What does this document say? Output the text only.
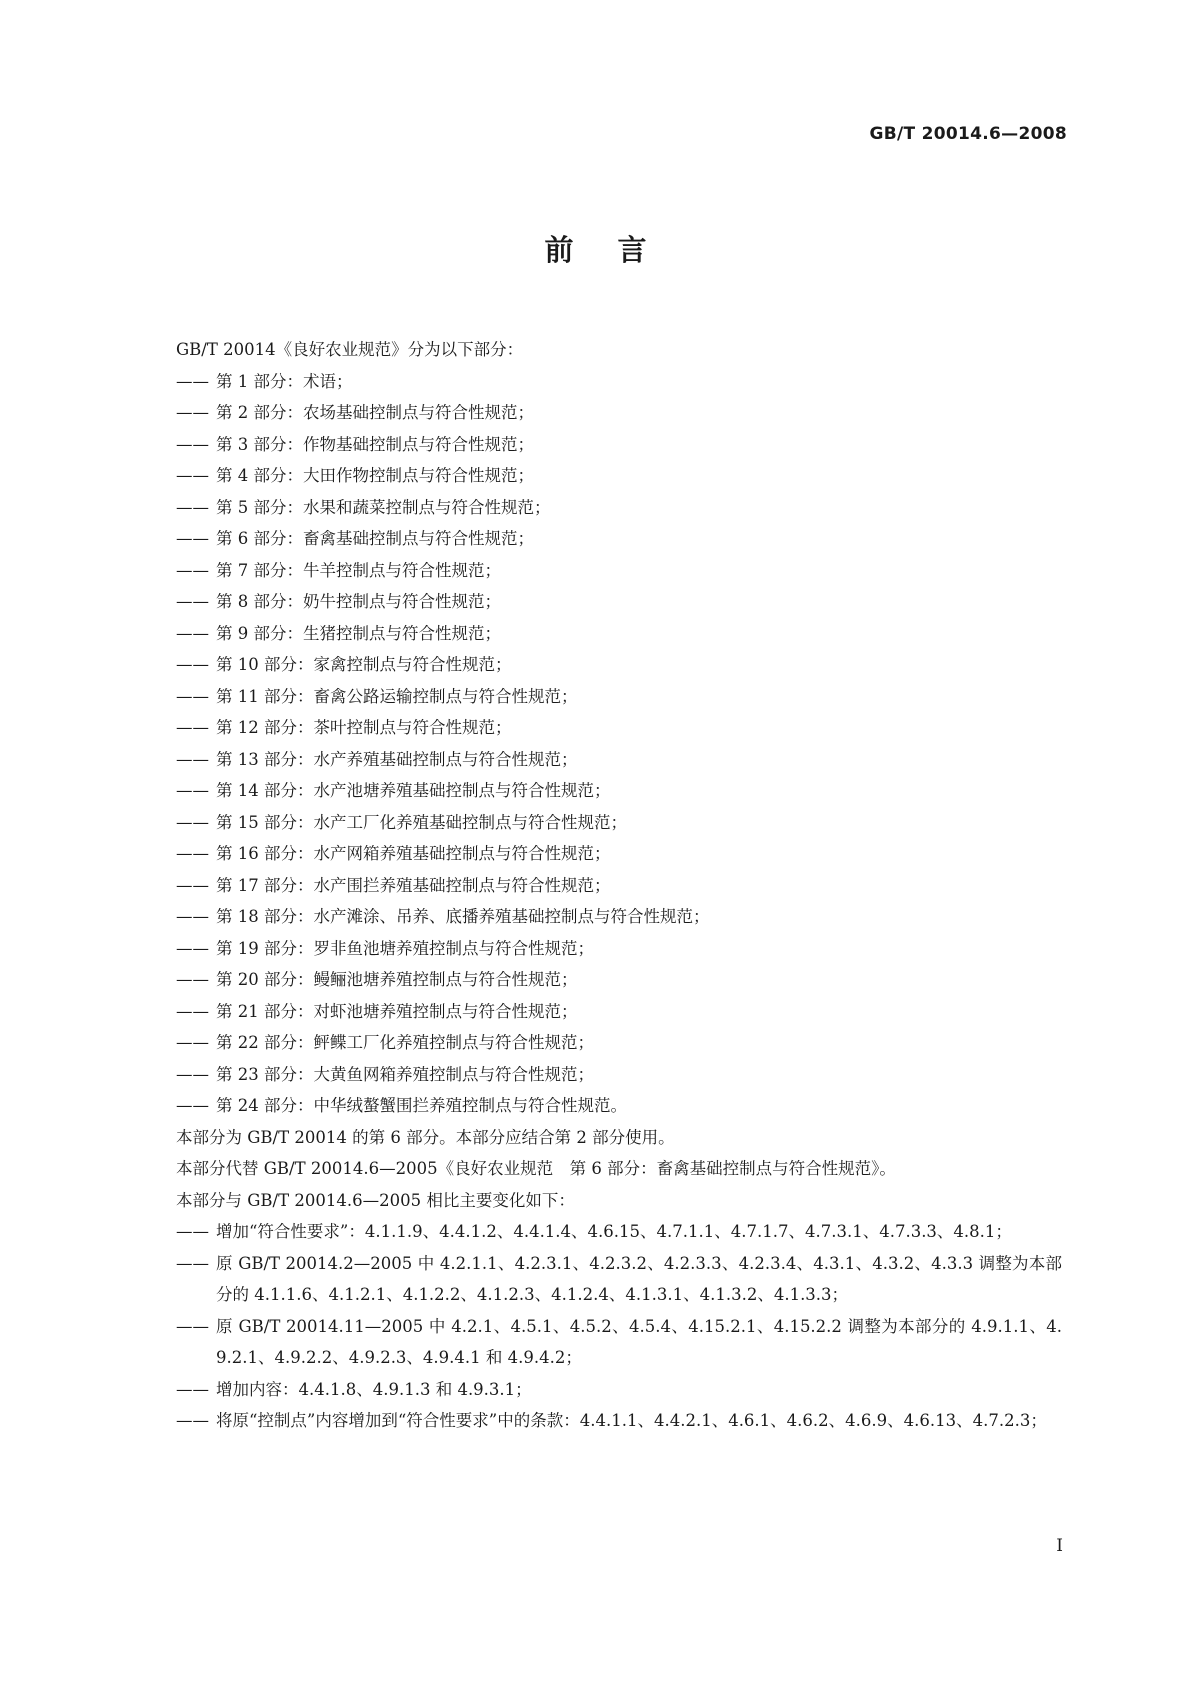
GB/T 20014.6—2008
前言
GB/T 20014《良好农业规范》分为以下部分：
—— 第 1 部分：术语；
—— 第 2 部分：农场基础控制点与符合性规范；
—— 第 3 部分：作物基础控制点与符合性规范；
—— 第 4 部分：大田作物控制点与符合性规范；
—— 第 5 部分：水果和蔬菜控制点与符合性规范；
—— 第 6 部分：畜禽基础控制点与符合性规范；
—— 第 7 部分：牛羊控制点与符合性规范；
—— 第 8 部分：奶牛控制点与符合性规范；
—— 第 9 部分：生猪控制点与符合性规范；
—— 第 10 部分：家禽控制点与符合性规范；
—— 第 11 部分：畜禽公路运输控制点与符合性规范；
—— 第 12 部分：茶叶控制点与符合性规范；
—— 第 13 部分：水产养殖基础控制点与符合性规范；
—— 第 14 部分：水产池塘养殖基础控制点与符合性规范；
—— 第 15 部分：水产工厂化养殖基础控制点与符合性规范；
—— 第 16 部分：水产网箱养殖基础控制点与符合性规范；
—— 第 17 部分：水产围拦养殖基础控制点与符合性规范；
—— 第 18 部分：水产滩涂、吊养、底播养殖基础控制点与符合性规范；
—— 第 19 部分：罗非鱼池塘养殖控制点与符合性规范；
—— 第 20 部分：鳗鲡池塘养殖控制点与符合性规范；
—— 第 21 部分：对虾池塘养殖控制点与符合性规范；
—— 第 22 部分：鲆鲽工厂化养殖控制点与符合性规范；
—— 第 23 部分：大黄鱼网箱养殖控制点与符合性规范；
—— 第 24 部分：中华绒螯蟹围拦养殖控制点与符合性规范。
本部分为 GB/T 20014 的第 6 部分。本部分应结合第 2 部分使用。
本部分代替 GB/T 20014.6—2005《良好农业规范　第 6 部分：畜禽基础控制点与符合性规范》。
本部分与 GB/T 20014.6—2005 相比主要变化如下：
—— 增加“符合性要求”：4.1.1.9、4.4.1.2、4.4.1.4、4.6.15、4.7.1.1、4.7.1.7、4.7.3.1、4.7.3.3、4.8.1；
—— 原 GB/T 20014.2—2005 中 4.2.1.1、4.2.3.1、4.2.3.2、4.2.3.3、4.2.3.4、4.3.1、4.3.2、4.3.3 调整为本部分的 4.1.1.6、4.1.2.1、4.1.2.2、4.1.2.3、4.1.2.4、4.1.3.1、4.1.3.2、4.1.3.3；
—— 原 GB/T 20014.11—2005 中 4.2.1、4.5.1、4.5.2、4.5.4、4.15.2.1、4.15.2.2 调整为本部分的 4.9.1.1、4.9.2.1、4.9.2.2、4.9.2.3、4.9.4.1 和 4.9.4.2；
—— 增加内容：4.4.1.8、4.9.1.3 和 4.9.3.1；
—— 将原“控制点”内容增加到“符合性要求”中的条款：4.4.1.1、4.4.2.1、4.6.1、4.6.2、4.6.9、4.6.13、4.7.2.3；
I
